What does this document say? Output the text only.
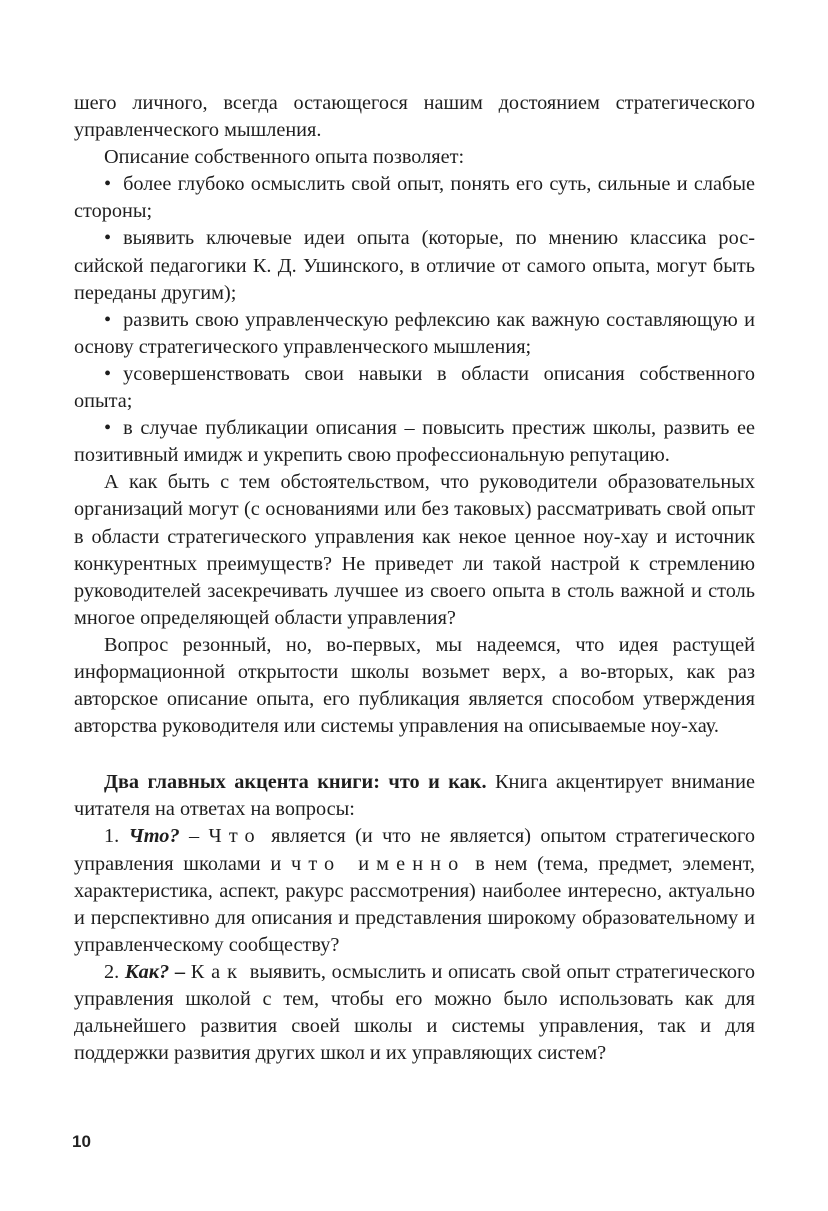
шего личного, всегда остающегося нашим достоянием стратегического управленческого мышления.

Описание собственного опыта позволяет:

• более глубоко осмыслить свой опыт, понять его суть, сильные и слабые стороны;

• выявить ключевые идеи опыта (которые, по мнению классика российской педагогики К. Д. Ушинского, в отличие от самого опыта, могут быть переданы другим);

• развить свою управленческую рефлексию как важную составляющую и основу стратегического управленческого мышления;

• усовершенствовать свои навыки в области описания собственного опыта;

• в случае публикации описания – повысить престиж школы, развить ее позитивный имидж и укрепить свою профессиональную репутацию.

А как быть с тем обстоятельством, что руководители образовательных организаций могут (с основаниями или без таковых) рассматривать свой опыт в области стратегического управления как некое ценное ноу-хау и источник конкурентных преимуществ? Не приведет ли такой настрой к стремлению руководителей засекречивать лучшее из своего опыта в столь важной и столь многое определяющей области управления?

Вопрос резонный, но, во-первых, мы надеемся, что идея растущей информационной открытости школы возьмет верх, а во-вторых, как раз авторское описание опыта, его публикация является способом утверждения авторства руководителя или системы управления на описываемые ноу-хау.

Два главных акцента книги: что и как. Книга акцентирует внимание читателя на ответах на вопросы:

1. Что? – Что является (и что не является) опытом стратегического управления школами и что именно в нем (тема, предмет, элемент, характеристика, аспект, ракурс рассмотрения) наиболее интересно, актуально и перспективно для описания и представления широкому образовательному и управленческому сообществу?

2. Как? – Как выявить, осмыслить и описать свой опыт стратегического управления школой с тем, чтобы его можно было использовать как для дальнейшего развития своей школы и системы управления, так и для поддержки развития других школ и их управляющих систем?

10
